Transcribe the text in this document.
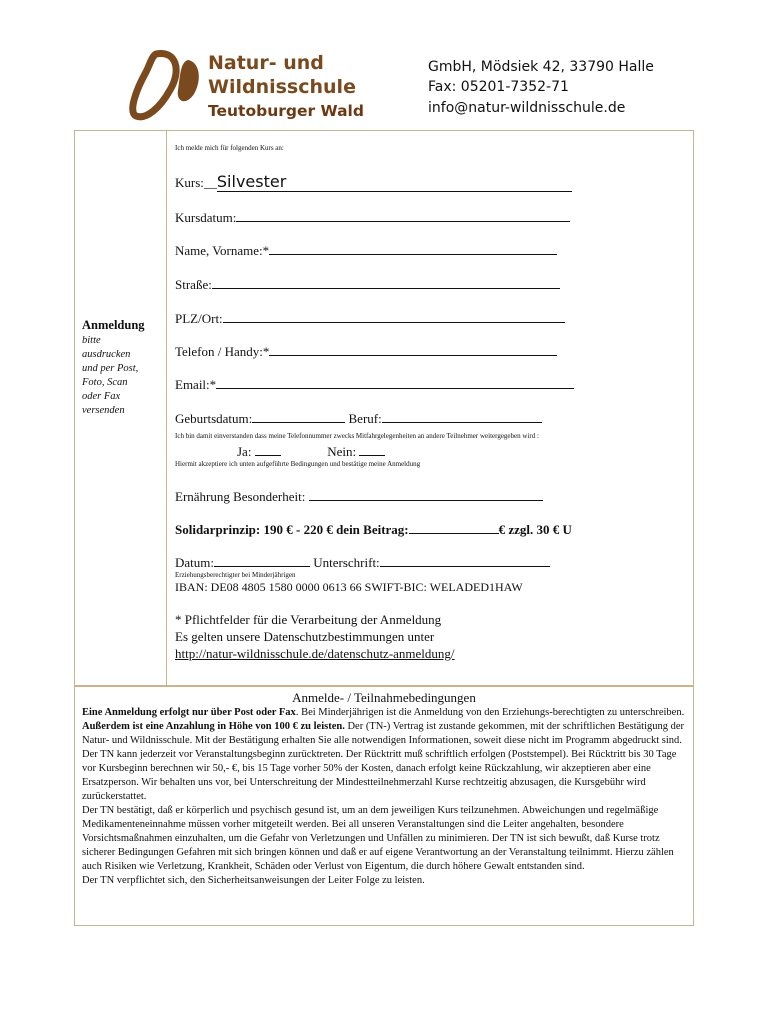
Natur- und
Wildnisschule
Teutoburger Wald
GmbH, Mödsiek 42, 33790 Halle
Fax: 05201-7352-71
info@natur-wildnisschule.de
Anmeldung
bitte
ausdrucken
und per Post,
Foto, Scan
oder Fax
versenden
Ich melde mich für folgenden Kurs an:
Kurs:__Silvester
Kursdatum:
Name, Vorname:*
Straße:
PLZ/Ort:
Telefon / Handy:*
Email:*
Geburtsdatum:	Beruf:
Ich bin damit einverstanden dass meine Telefonnummer zwecks Mitfahrgelegenheiten an andere Teilnehmer weitergegeben wird :
Ja:	Nein:
Hiermit akzeptiere ich unten aufgeführte Bedingungen und bestätige meine Anmeldung
Ernährung Besonderheit:
Solidarprinzip: 190 € - 220 € dein Beitrag:	€ zzgl. 30 € U
Datum:	Unterschrift:
Erziehungsberechtigter bei Minderjährigen
IBAN: DE08 4805 1580 0000 0613 66 SWIFT-BIC: WELADED1HAW
* Pflichtfelder für die Verarbeitung der Anmeldung
Es gelten unsere Datenschutzbestimmungen unter
http://natur-wildnisschule.de/datenschutz-anmeldung/
Anmelde- / Teilnahmebedingungen

Eine Anmeldung erfolgt nur über Post oder Fax. Bei Minderjährigen ist die Anmeldung von den Erziehungs-berechtigten zu unterschreiben. Außerdem ist eine Anzahlung in Höhe von 100 € zu leisten. Der (TN-) Vertrag ist zustande gekommen, mit der schriftlichen Bestätigung der Natur- und Wildnisschule. Mit der Bestätigung erhalten Sie alle notwendigen Informationen, soweit diese nicht im Programm abgedruckt sind.

Der TN kann jederzeit vor Veranstaltungsbeginn zurücktreten. Der Rücktritt muß schriftlich erfolgen (Poststempel). Bei Rücktritt bis 30 Tage vor Kursbeginn berechnen wir 50,- €, bis 15 Tage vorher 50% der Kosten, danach erfolgt keine Rückzahlung, wir akzeptieren aber eine Ersatzperson. Wir behalten uns vor, bei Unterschreitung der Mindestteilnehmerzahl Kurse rechtzeitig abzusagen, die Kursgebühr wird zurückerstattet.

Der TN bestätigt, daß er körperlich und psychisch gesund ist, um an dem jeweiligen Kurs teilzunehmen. Abweichungen und regelmäßige Medikamenteneinnahme müssen vorher mitgeteilt werden. Bei all unseren Veranstaltungen sind die Leiter angehalten, besondere Vorsichtsmaßnahmen einzuhalten, um die Gefahr von Verletzungen und Unfällen zu minimieren. Der TN ist sich bewußt, daß Kurse trotz sicherer Bedingungen Gefahren mit sich bringen können und daß er auf eigene Verantwortung an der Veranstaltung teilnimmt. Hierzu zählen auch Risiken wie Verletzung, Krankheit, Schäden oder Verlust von Eigentum, die durch höhere Gewalt entstanden sind.

Der TN verpflichtet sich, den Sicherheitsanweisungen der Leiter Folge zu leisten.
